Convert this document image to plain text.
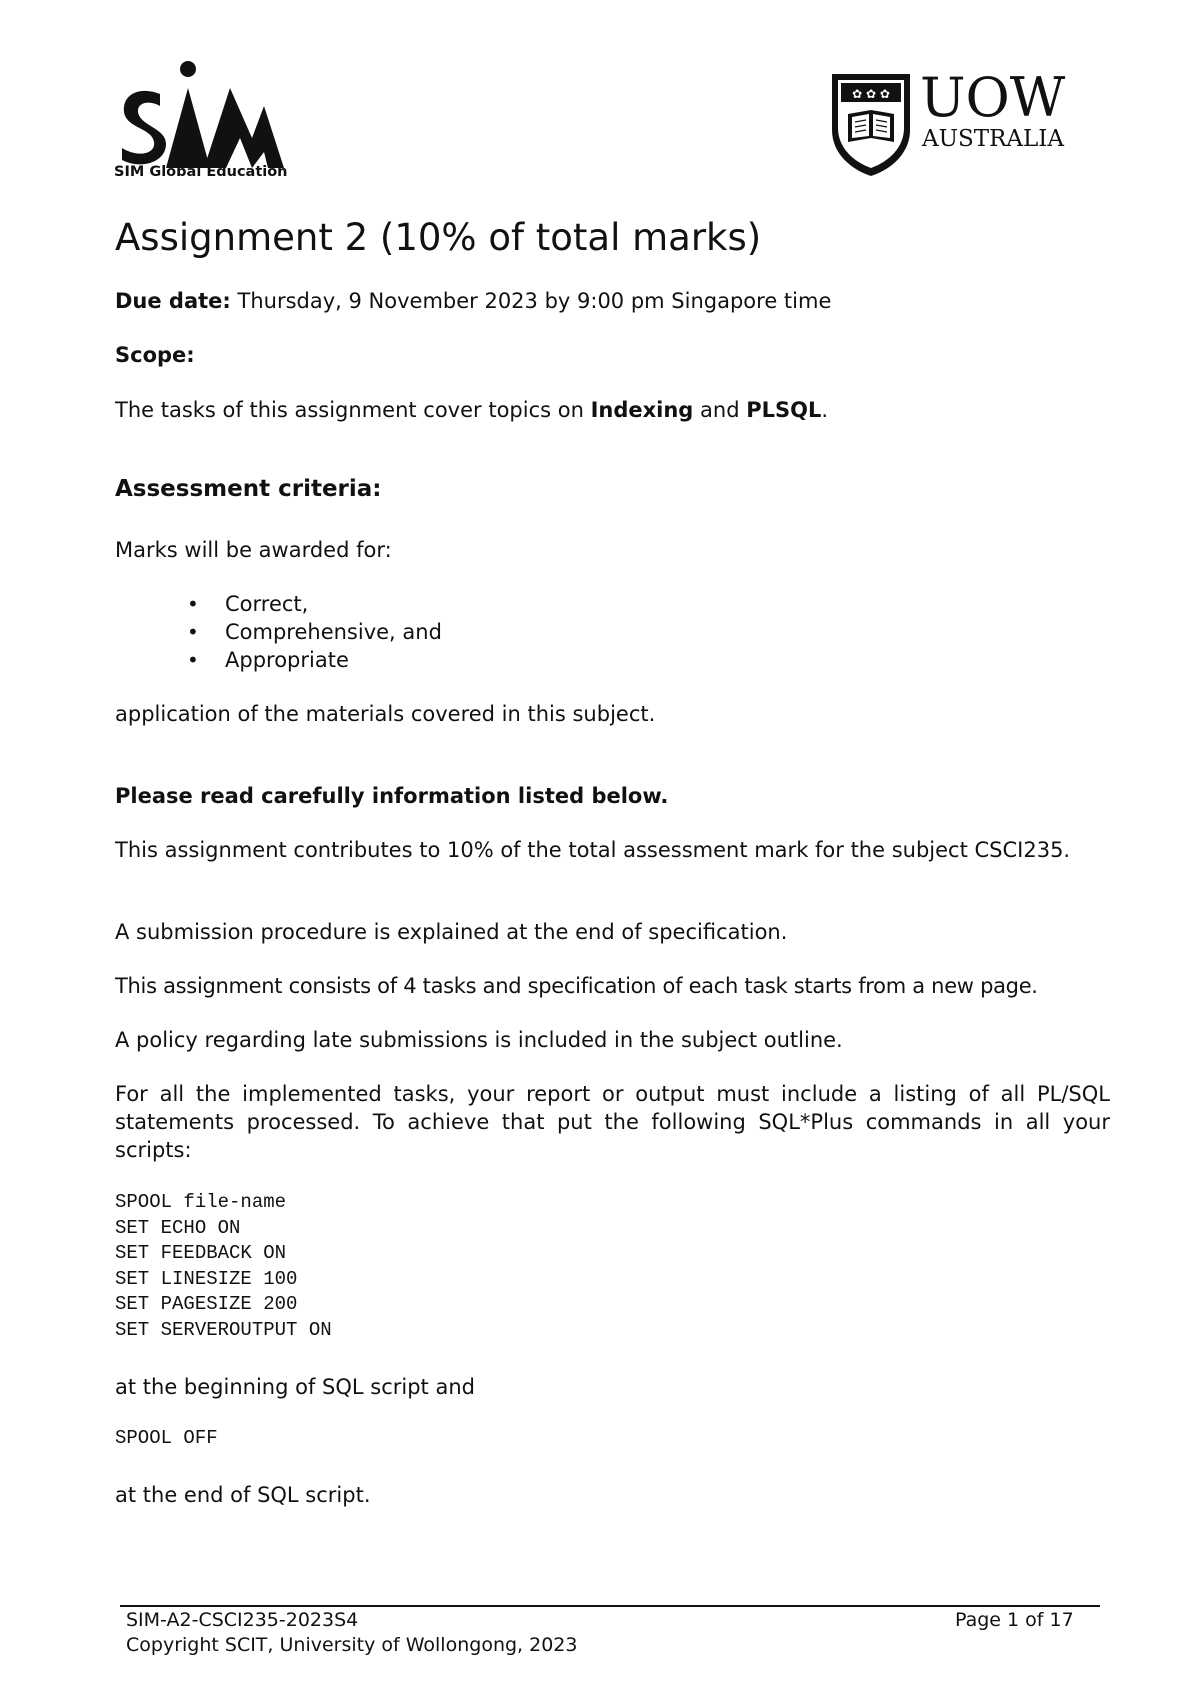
SIM Global Education
✿ ✿ ✿ UOW
AUSTRALIA
Assignment 2 (10% of total marks)

Due date: Thursday, 9 November 2023 by 9:00 pm Singapore time

Scope:

The tasks of this assignment cover topics on Indexing and PLSQL.

Assessment criteria:

Marks will be awarded for:

• Correct,
• Comprehensive, and
• Appropriate

application of the materials covered in this subject.

Please read carefully information listed below.

This assignment contributes to 10% of the total assessment mark for the subject CSCI235.

A submission procedure is explained at the end of specification.

This assignment consists of 4 tasks and specification of each task starts from a new page.

A policy regarding late submissions is included in the subject outline.

For all the implemented tasks, your report or output must include a listing of all PL/SQL statements processed. To achieve that put the following SQL*Plus commands in all your scripts:

SPOOL file-name

SET ECHO ON

SET FEEDBACK ON

SET LINESIZE 100

SET PAGESIZE 200

SET SERVEROUTPUT ON

at the beginning of SQL script and

SPOOL OFF

at the end of SQL script.

SIM-A2-CSCI235-2023S4	Page 1 of 17

Copyright SCIT, University of Wollongong, 2023
